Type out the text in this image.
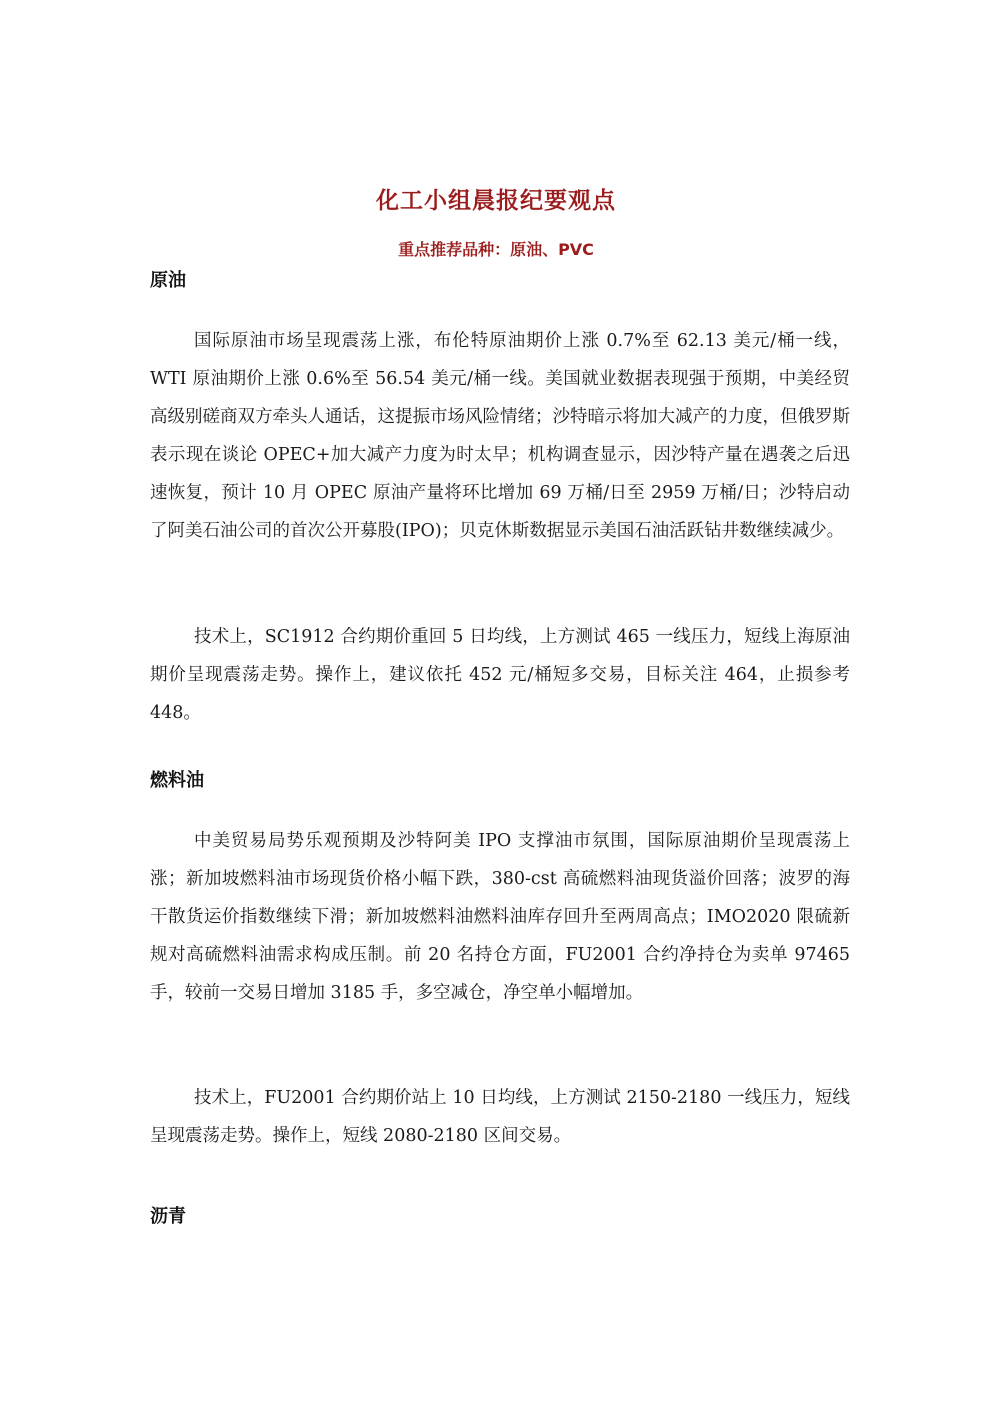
化工小组晨报纪要观点
重点推荐品种：原油、PVC
原油

国际原油市场呈现震荡上涨，布伦特原油期价上涨 0.7%至 62.13 美元/桶一线，WTI 原油期价上涨 0.6%至 56.54 美元/桶一线。美国就业数据表现强于预期，中美经贸高级别磋商双方牵头人通话，这提振市场风险情绪；沙特暗示将加大减产的力度，但俄罗斯表示现在谈论 OPEC+加大减产力度为时太早；机构调查显示，因沙特产量在遇袭之后迅速恢复，预计 10 月 OPEC 原油产量将环比增加 69 万桶/日至 2959 万桶/日；沙特启动了阿美石油公司的首次公开募股(IPO)；贝克休斯数据显示美国石油活跃钻井数继续减少。

技术上，SC1912 合约期价重回 5 日均线，上方测试 465 一线压力，短线上海原油期价呈现震荡走势。操作上，建议依托 452 元/桶短多交易，目标关注 464，止损参考 448。

燃料油

中美贸易局势乐观预期及沙特阿美 IPO 支撑油市氛围，国际原油期价呈现震荡上涨；新加坡燃料油市场现货价格小幅下跌，380-cst 高硫燃料油现货溢价回落；波罗的海干散货运价指数继续下滑；新加坡燃料油燃料油库存回升至两周高点；IMO2020 限硫新规对高硫燃料油需求构成压制。前 20 名持仓方面，FU2001 合约净持仓为卖单 97465 手，较前一交易日增加 3185 手，多空减仓，净空单小幅增加。

技术上，FU2001 合约期价站上 10 日均线，上方测试 2150-2180 一线压力，短线呈现震荡走势。操作上，短线 2080-2180 区间交易。

沥青
